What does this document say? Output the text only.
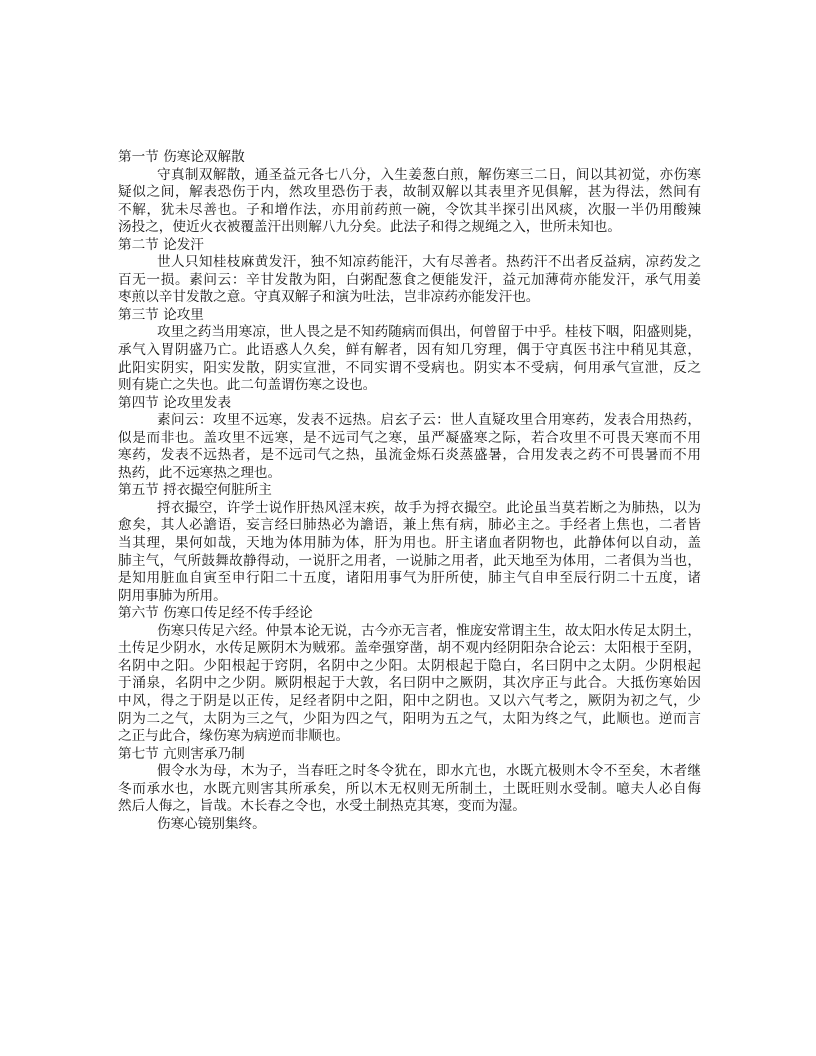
第一节 伤寒论双解散
守真制双解散，通圣益元各七八分，入生姜葱白煎，解伤寒三二日，间以其初觉，亦伤寒
疑似之间，解表恐伤于内，然攻里恐伤于表，故制双解以其表里齐见俱解，甚为得法，然间有
不解，犹未尽善也。子和增作法，亦用前药煎一碗，令饮其半探引出风痰，次服一半仍用酸辣
汤投之，使近火衣被覆盖汗出则解八九分矣。此法子和得之规绳之入，世所未知也。
第二节 论发汗
世人只知桂枝麻黄发汗，独不知凉药能汗，大有尽善者。热药汗不出者反益病，凉药发之
百无一损。素问云：辛甘发散为阳，白粥配葱食之便能发汗，益元加薄荷亦能发汗，承气用姜
枣煎以辛甘发散之意。守真双解子和演为吐法，岂非凉药亦能发汗也。
第三节 论攻里
攻里之药当用寒凉，世人畏之是不知药随病而俱出，何曾留于中乎。桂枝下咽，阳盛则毙，
承气入胃阴盛乃亡。此语惑人久矣，鲜有解者，因有知几穷理，偶于守真医书注中稍见其意，
此阳实阴实，阳实发散，阴实宣泄，不同实谓不受病也。阴实本不受病，何用承气宣泄，反之
则有毙亡之失也。此二句盖谓伤寒之设也。
第四节 论攻里发表
素问云：攻里不远寒，发表不远热。启玄子云：世人直疑攻里合用寒药，发表合用热药，
似是而非也。盖攻里不远寒，是不远司气之寒，虽严凝盛寒之际，若合攻里不可畏天寒而不用
寒药，发表不远热者，是不远司气之热，虽流金烁石炎蒸盛暑，合用发表之药不可畏暑而不用
热药，此不远寒热之理也。
第五节 捋衣撮空何脏所主
捋衣撮空，许学士说作肝热风淫末疾，故手为捋衣撮空。此论虽当莫若断之为肺热，以为
愈矣，其人必譫语，妄言经曰肺热必为譫语，兼上焦有病，肺必主之。手经者上焦也，二者皆
当其理，果何如哉，天地为体用肺为体，肝为用也。肝主诸血者阴物也，此静体何以自动，盖
肺主气，气所鼓舞故静得动，一说肝之用者，一说肺之用者，此天地至为体用，二者俱为当也，
是知用脏血自寅至申行阳二十五度，诸阳用事气为肝所使，肺主气自申至辰行阴二十五度，诸
阴用事肺为所用。
第六节 伤寒口传足经不传手经论
伤寒只传足六经。仲景本论无说，古今亦无言者，惟庞安常谓主生，故太阳水传足太阴土，
土传足少阴水，水传足厥阴木为贼邪。盖牵强穿凿，胡不观内经阴阳杂合论云：太阳根于至阴，
名阴中之阳。少阳根起于窍阴，名阴中之少阳。太阴根起于隐白，名曰阴中之太阴。少阴根起
于涌泉，名阴中之少阴。厥阴根起于大敦，名曰阴中之厥阴，其次序正与此合。大抵伤寒始因
中风，得之于阴是以正传，足经者阴中之阳，阳中之阴也。又以六气考之，厥阴为初之气，少
阴为二之气，太阴为三之气，少阳为四之气，阳明为五之气，太阳为终之气，此顺也。逆而言
之正与此合，缘伤寒为病逆而非顺也。
第七节 亢则害承乃制
假令水为母，木为子，当春旺之时冬令犹在，即水亢也，水既亢极则木令不至矣，木者继
冬而承水也，水既亢则害其所承矣，所以木无权则无所制土，土既旺则水受制。噫夫人必自侮
然后人侮之，旨哉。木长春之令也，水受土制热克其寒，变而为湿。
伤寒心镜别集终。
